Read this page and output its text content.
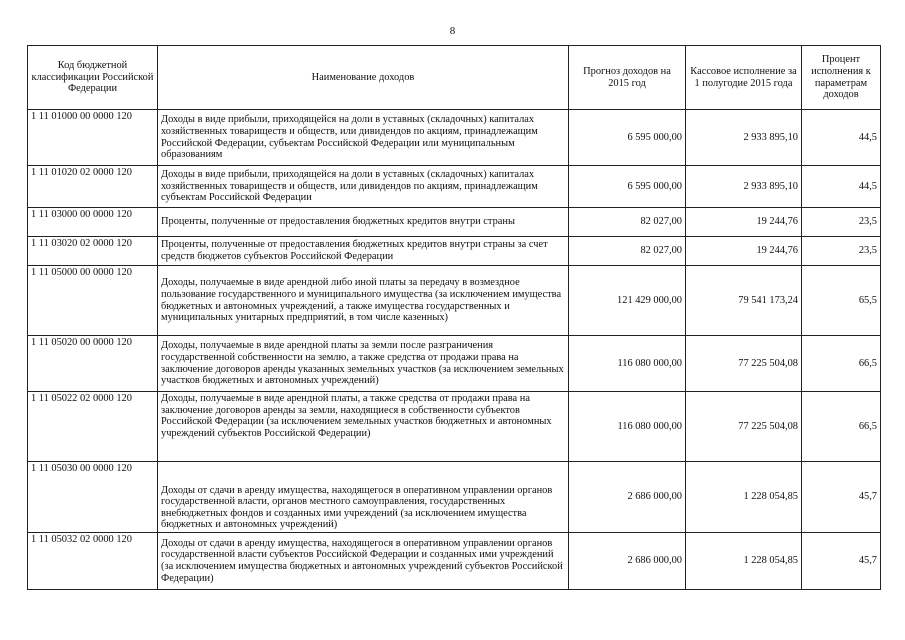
8
Код бюджетной классификации Российской Федерации	Наименование доходов	Прогноз доходов на 2015 год	Кассовое исполнение за 1 полугодие 2015 года	Процент исполнения к параметрам доходов
1 11 01000 00 0000 120	Доходы в виде прибыли, приходящейся на доли в уставных (складочных) капиталах хозяйственных товариществ и обществ, или дивидендов по акциям, принадлежащим Российской Федерации, субъектам Российской Федерации или муниципальным образованиям	6 595 000,00	2 933 895,10	44,5
1 11 01020 02 0000 120	Доходы в виде прибыли, приходящейся на доли в уставных (складочных) капиталах хозяйственных товариществ и обществ, или дивидендов по акциям, принадлежащим субъектам Российской Федерации	6 595 000,00	2 933 895,10	44,5
1 11 03000 00 0000 120	Проценты, полученные от предоставления бюджетных кредитов внутри страны	82 027,00	19 244,76	23,5
1 11 03020 02 0000 120	Проценты, полученные от предоставления бюджетных кредитов внутри страны за счет средств бюджетов субъектов Российской Федерации	82 027,00	19 244,76	23,5
1 11 05000 00 0000 120	Доходы, получаемые в виде арендной либо иной платы за передачу в возмездное пользование государственного и муниципального имущества (за исключением имущества бюджетных и автономных учреждений, а также имущества государственных и муниципальных унитарных предприятий, в том числе казенных)	121 429 000,00	79 541 173,24	65,5
1 11 05020 00 0000 120	Доходы, получаемые в виде арендной платы за земли после разграничения государственной собственности на землю, а также средства от продажи права на заключение договоров аренды указанных земельных участков (за исключением земельных участков бюджетных и автономных учреждений)	116 080 000,00	77 225 504,08	66,5
1 11 05022 02 0000 120	Доходы, получаемые в виде арендной платы, а также средства от продажи права на заключение договоров аренды за земли, находящиеся в собственности субъектов Российской Федерации (за исключением земельных участков бюджетных и автономных учреждений субъектов Российской Федерации)	116 080 000,00	77 225 504,08	66,5
1 11 05030 00 0000 120	Доходы от сдачи в аренду имущества, находящегося в оперативном управлении органов государственной власти, органов местного самоуправления, государственных внебюджетных фондов и созданных ими учреждений (за исключением имущества бюджетных и автономных учреждений)	2 686 000,00	1 228 054,85	45,7
1 11 05032 02 0000 120	Доходы от сдачи в аренду имущества, находящегося в оперативном управлении органов государственной власти субъектов Российской Федерации и созданных ими учреждений (за исключением имущества бюджетных и автономных учреждений субъектов Российской Федерации)	2 686 000,00	1 228 054,85	45,7
